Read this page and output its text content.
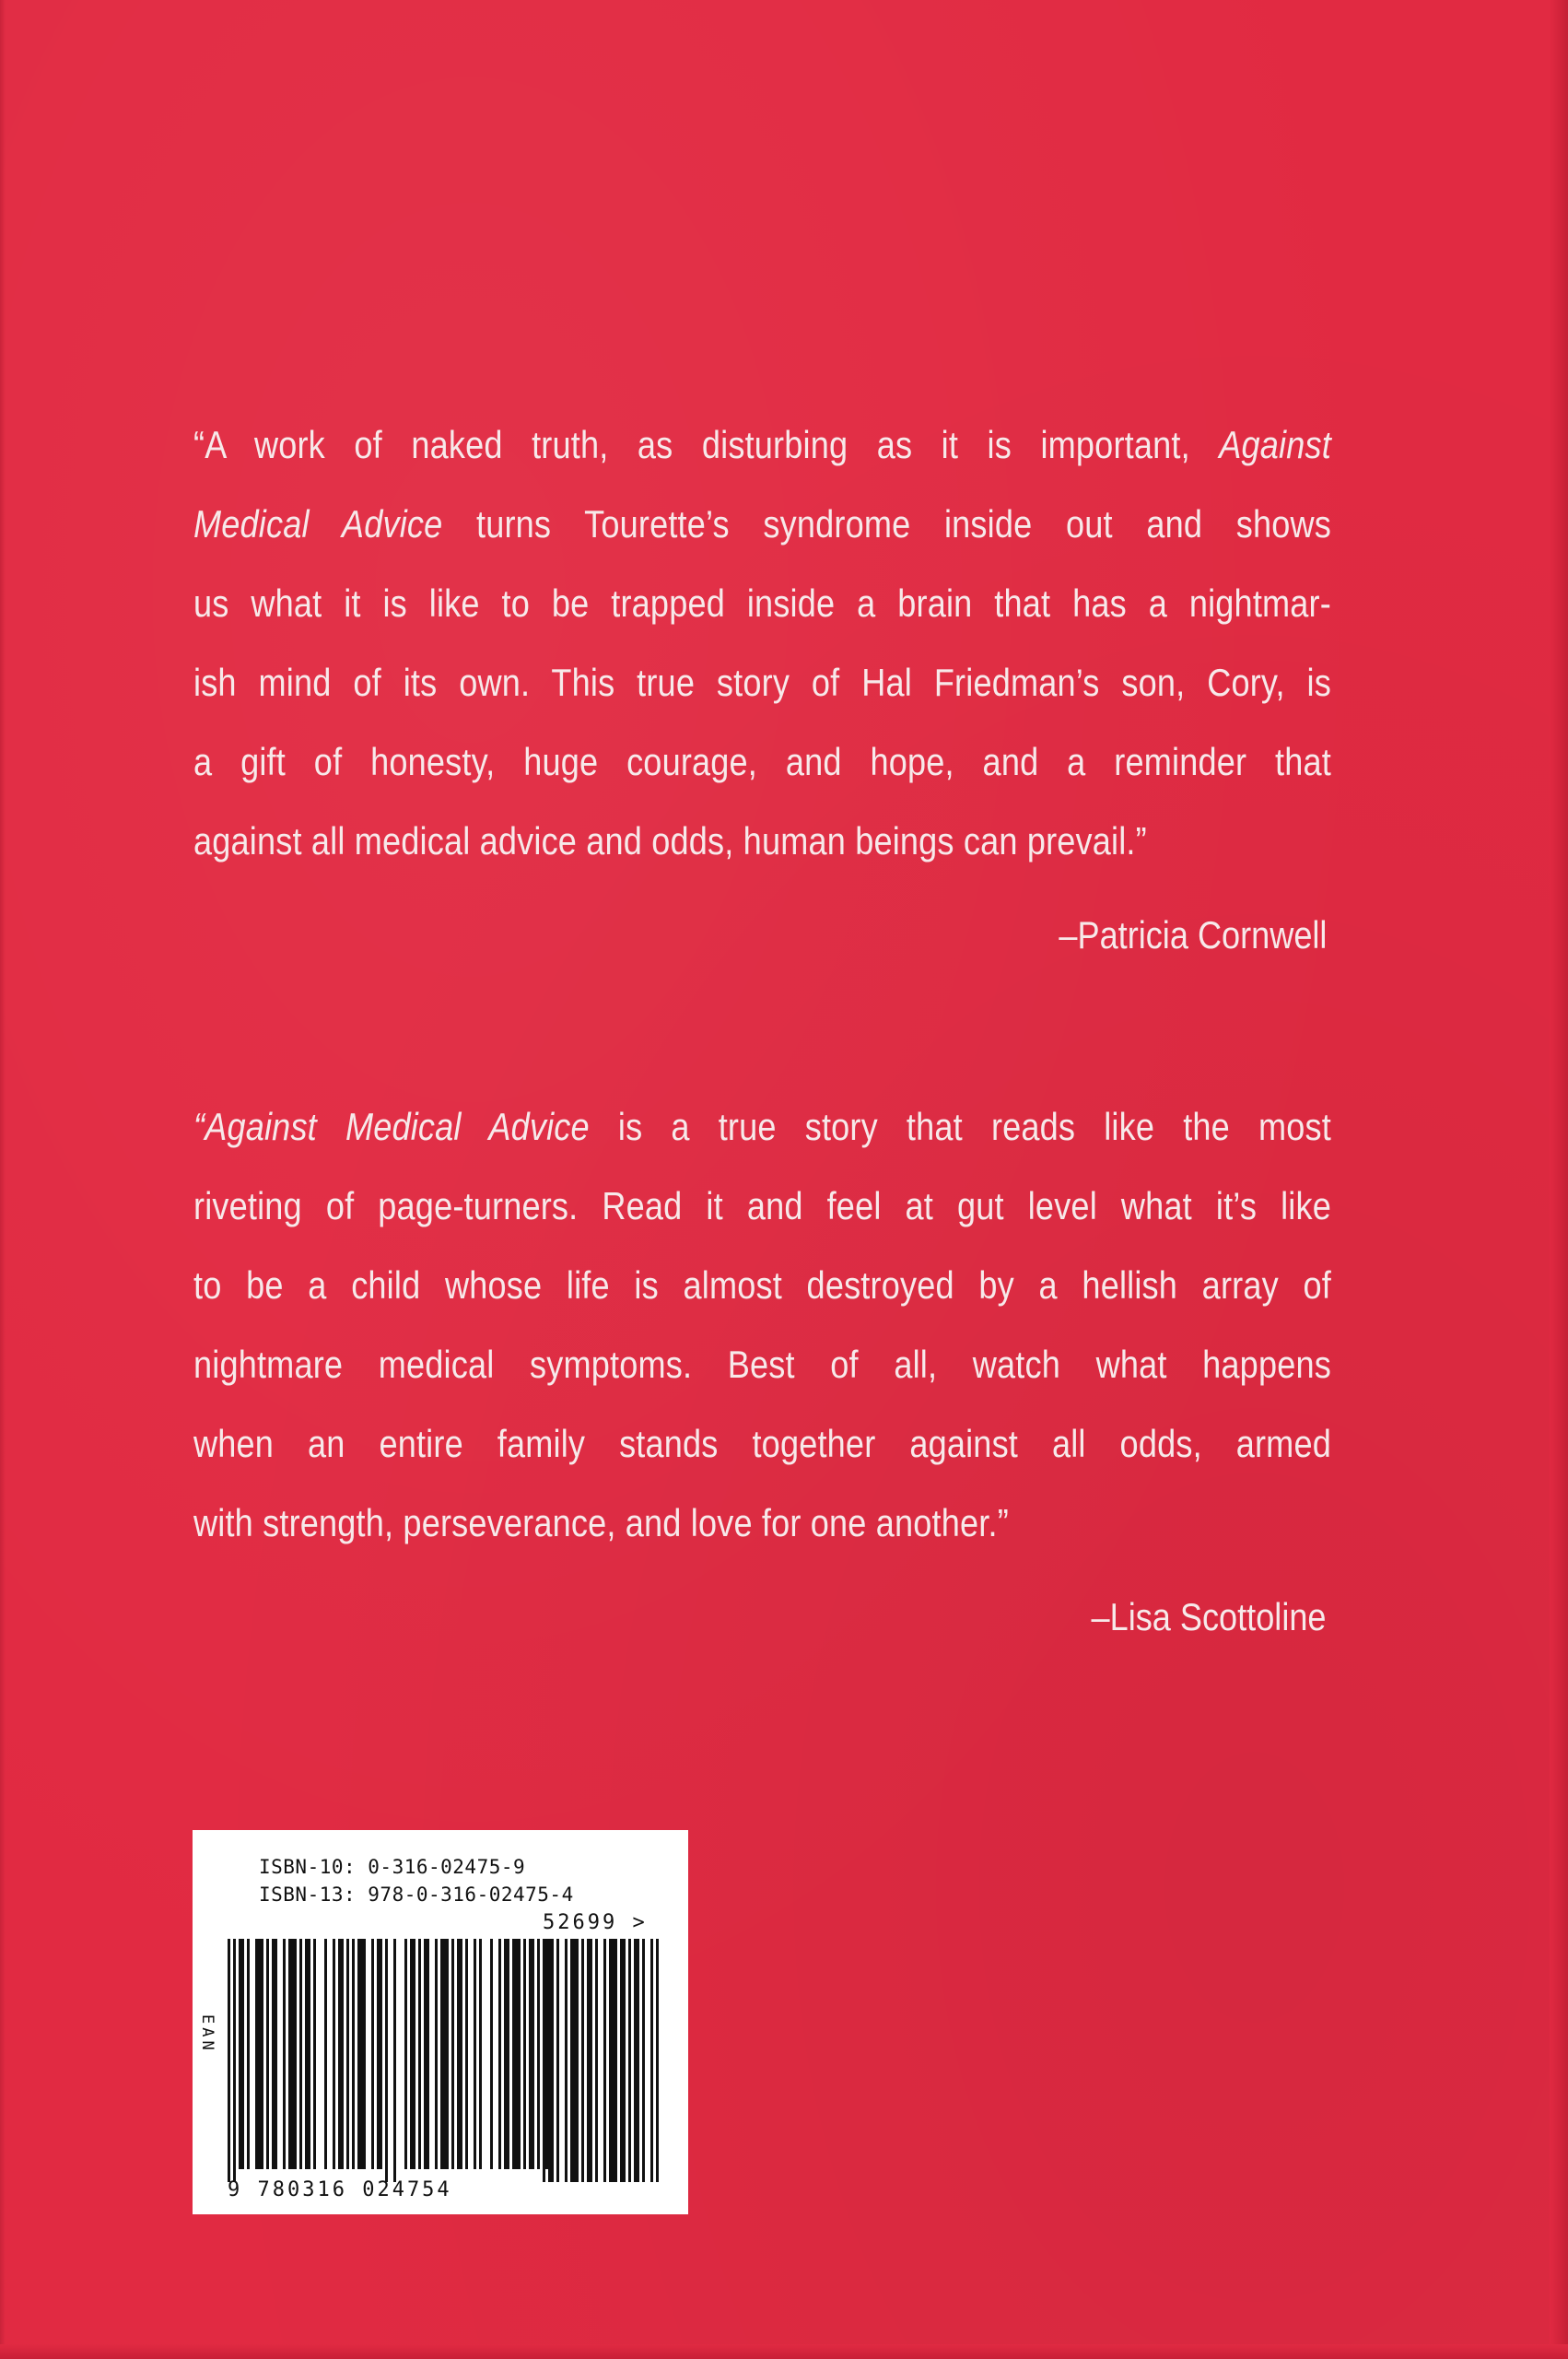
“A work of naked truth, as disturbing as it is important, Against
Medical Advice turns Tourette’s syndrome inside out and shows
us what it is like to be trapped inside a brain that has a nightmar-
ish mind of its own. This true story of Hal Friedman’s son, Cory, is
a gift of honesty, huge courage, and hope, and a reminder that
against all medical advice and odds, human beings can prevail.”
–Patricia Cornwell
“Against Medical Advice is a true story that reads like the most
riveting of page-turners. Read it and feel at gut level what it’s like
to be a child whose life is almost destroyed by a hellish array of
nightmare medical symptoms. Best of all, watch what happens
when an entire family stands together against all odds, armed
with strength, perseverance, and love for one another.”
–Lisa Scottoline
ISBN-10: 0-316-02475-9
ISBN-13: 978-0-316-02475-4
EAN
52699 >
9 780316 024754
